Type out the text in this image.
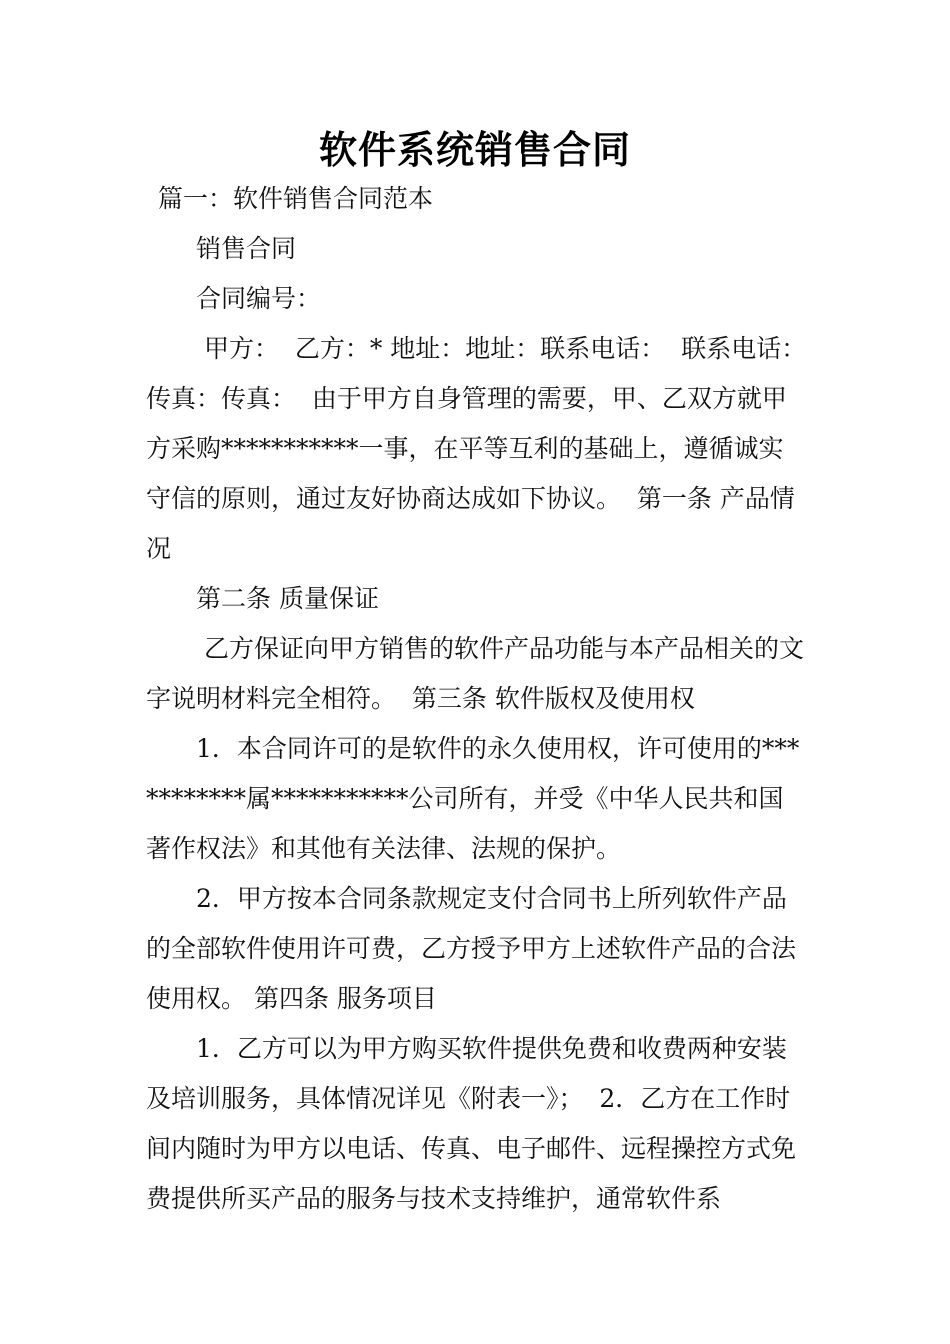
软件系统销售合同

篇一：软件销售合同范本

销售合同

合同编号：

甲方：  乙方：* 地址：地址：联系电话：  联系电话： 传真：传真：  由于甲方自身管理的需要，甲、乙双方就甲方采购***********一事，在平等互利的基础上，遵循诚实守信的原则，通过友好协商达成如下协议。  第一条 产品情况

第二条 质量保证

乙方保证向甲方销售的软件产品功能与本产品相关的文字说明材料完全相符。  第三条 软件版权及使用权

1．本合同许可的是软件的永久使用权，许可使用的***********属***********公司所有，并受《中华人民共和国著作权法》和其他有关法律、法规的保护。

2．甲方按本合同条款规定支付合同书上所列软件产品的全部软件使用许可费，乙方授予甲方上述软件产品的合法使用权。 第四条 服务项目

1．乙方可以为甲方购买软件提供免费和收费两种安装及培训服务，具体情况详见《附表一》；  2．乙方在工作时间内随时为甲方以电话、传真、电子邮件、远程操控方式免费提供所买产品的服务与技术支持维护，通常软件系
